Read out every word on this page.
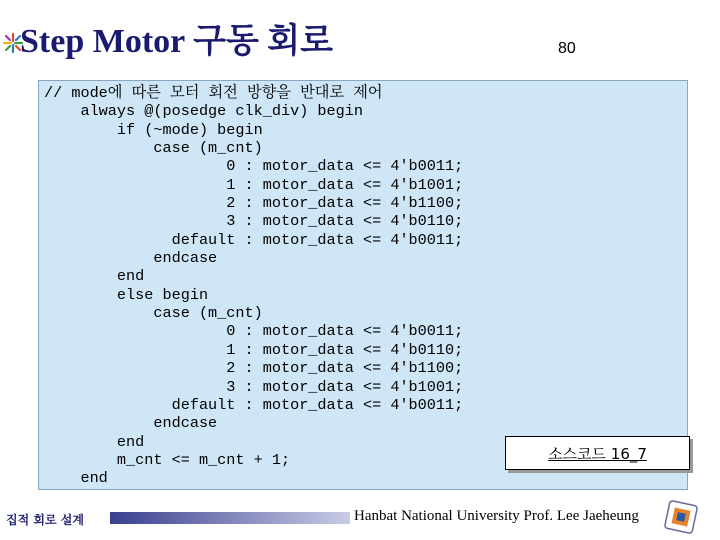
Step Motor 구동 회로	80
// mode에 따른 모터 회전 방향을 반대로 제어
always @(posedge clk_div) begin
if (~mode) begin
case (m_cnt)
0 : motor_data <= 4'b0011;
1 : motor_data <= 4'b1001;
2 : motor_data <= 4'b1100;
3 : motor_data <= 4'b0110;
default : motor_data <= 4'b0011;
endcase
end
else begin
case (m_cnt)
0 : motor_data <= 4'b0011;
1 : motor_data <= 4'b0110;
2 : motor_data <= 4'b1100;
3 : motor_data <= 4'b1001;
default : motor_data <= 4'b0011;
endcase
end
m_cnt <= m_cnt + 1;
end
소스코드 16_7
집적 회로 설계	Hanbat National University Prof. Lee Jaeheung
